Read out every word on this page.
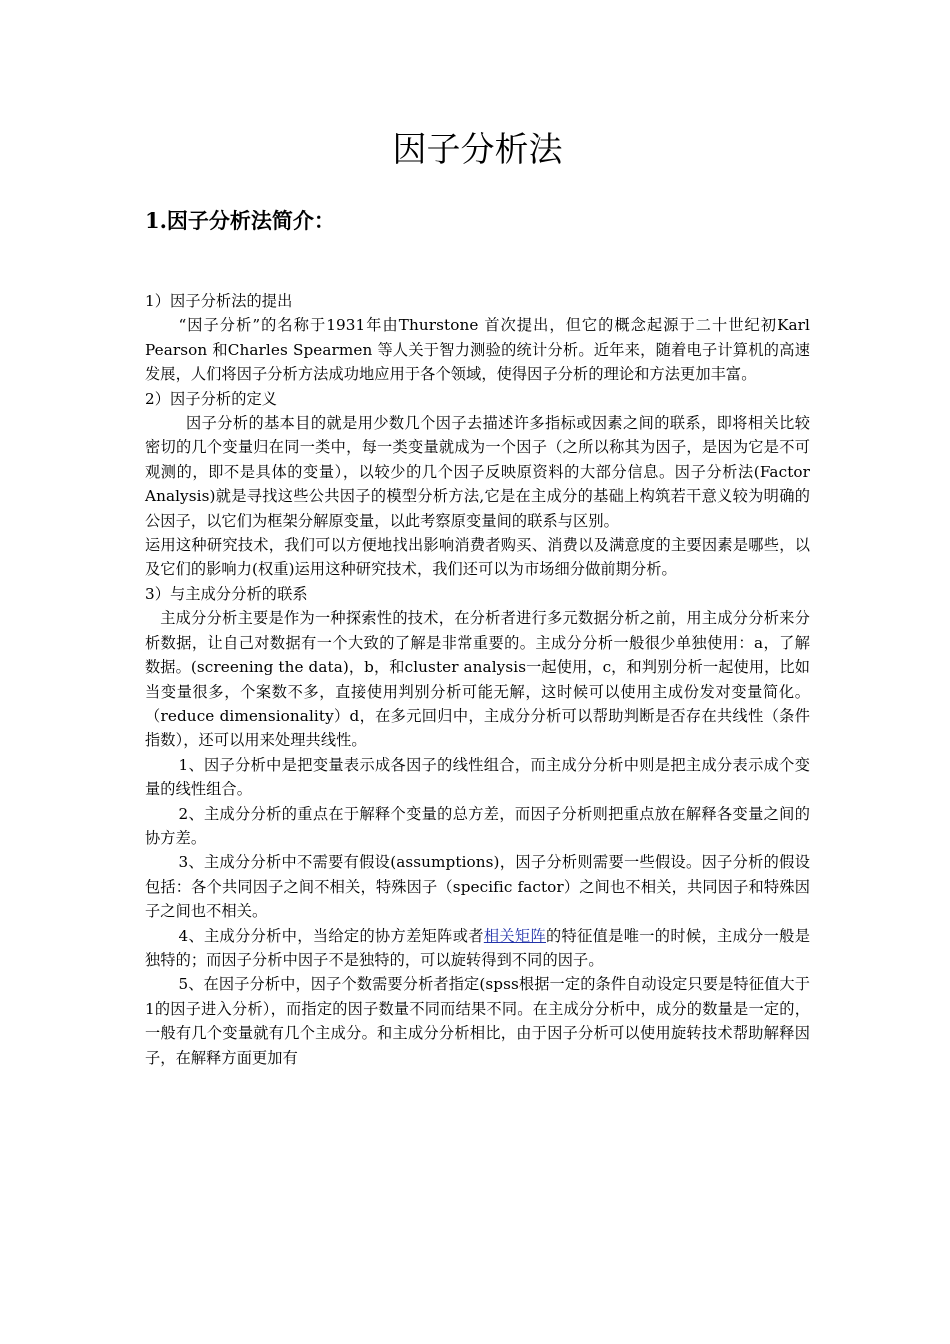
因子分析法
1.因子分析法简介：

1）因子分析法的提出

“因子分析”的名称于1931年由Thurstone 首次提出，但它的概念起源于二十世纪初Karl Pearson 和Charles Spearmen 等人关于智力测验的统计分析。近年来，随着电子计算机的高速发展，人们将因子分析方法成功地应用于各个领域，使得因子分析的理论和方法更加丰富。

2）因子分析的定义

因子分析的基本目的就是用少数几个因子去描述许多指标或因素之间的联系，即将相关比较密切的几个变量归在同一类中，每一类变量就成为一个因子（之所以称其为因子，是因为它是不可观测的，即不是具体的变量），以较少的几个因子反映原资料的大部分信息。因子分析法(Factor Analysis)就是寻找这些公共因子的模型分析方法,它是在主成分的基础上构筑若干意义较为明确的公因子，以它们为框架分解原变量，以此考察原变量间的联系与区别。

运用这种研究技术，我们可以方便地找出影响消费者购买、消费以及满意度的主要因素是哪些，以及它们的影响力(权重)运用这种研究技术，我们还可以为市场细分做前期分析。

3）与主成分分析的联系

主成分分析主要是作为一种探索性的技术，在分析者进行多元数据分析之前，用主成分分析来分析数据，让自己对数据有一个大致的了解是非常重要的。主成分分析一般很少单独使用：a，了解数据。(screening the data)，b，和cluster analysis一起使用，c，和判别分析一起使用，比如当变量很多，个案数不多，直接使用判别分析可能无解，这时候可以使用主成份发对变量简化。（reduce dimensionality）d，在多元回归中，主成分分析可以帮助判断是否存在共线性（条件指数），还可以用来处理共线性。

1、因子分析中是把变量表示成各因子的线性组合，而主成分分析中则是把主成分表示成个变量的线性组合。

2、主成分分析的重点在于解释个变量的总方差，而因子分析则把重点放在解释各变量之间的协方差。

3、主成分分析中不需要有假设(assumptions)，因子分析则需要一些假设。因子分析的假设包括：各个共同因子之间不相关，特殊因子（specific factor）之间也不相关，共同因子和特殊因子之间也不相关。

4、主成分分析中，当给定的协方差矩阵或者相关矩阵的特征值是唯一的时候，主成分一般是独特的；而因子分析中因子不是独特的，可以旋转得到不同的因子。

5、在因子分析中，因子个数需要分析者指定(spss根据一定的条件自动设定只要是特征值大于1的因子进入分析），而指定的因子数量不同而结果不同。在主成分分析中，成分的数量是一定的，一般有几个变量就有几个主成分。和主成分分析相比，由于因子分析可以使用旋转技术帮助解释因子，在解释方面更加有
